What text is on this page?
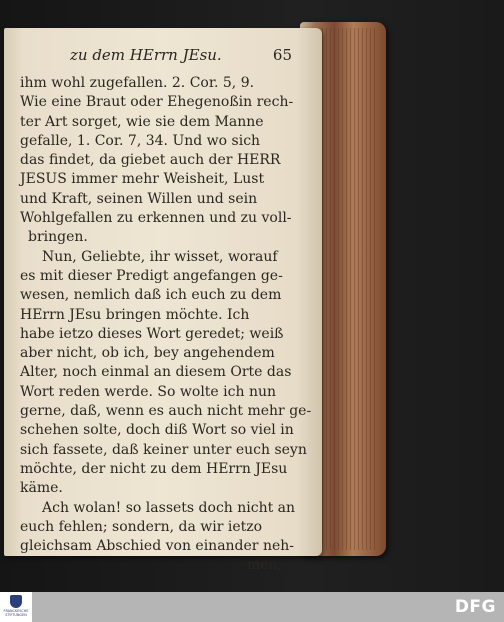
zu dem HErrn JEsu.	65
ihm wohl zugefallen. 2. Cor. 5, 9.
Wie eine Braut oder Ehegenoßin rech-
ter Art sorget, wie sie dem Manne
gefalle, 1. Cor. 7, 34. Und wo sich
das findet, da giebet auch der HERR
JESUS immer mehr Weisheit, Lust
und Kraft, seinen Willen und sein
Wohlgefallen zu erkennen und zu voll-
bringen.
Nun, Geliebte, ihr wisset, worauf
es mit dieser Predigt angefangen ge-
wesen, nemlich daß ich euch zu dem
HErrn JEsu bringen möchte. Ich
habe ietzo dieses Wort geredet; weiß
aber nicht, ob ich, bey angehendem
Alter, noch einmal an diesem Orte das
Wort reden werde. So wolte ich nun
gerne, daß, wenn es auch nicht mehr ge-
schehen solte, doch diß Wort so viel in
sich fassete, daß keiner unter euch seyn
möchte, der nicht zu dem HErrn JEsu
käme.
Ach wolan! so lassets doch nicht an
euch fehlen; sondern, da wir ietzo
gleichsam Abschied von einander neh-
men,
FRANCKESCHE STIFTUNGEN	DFG
